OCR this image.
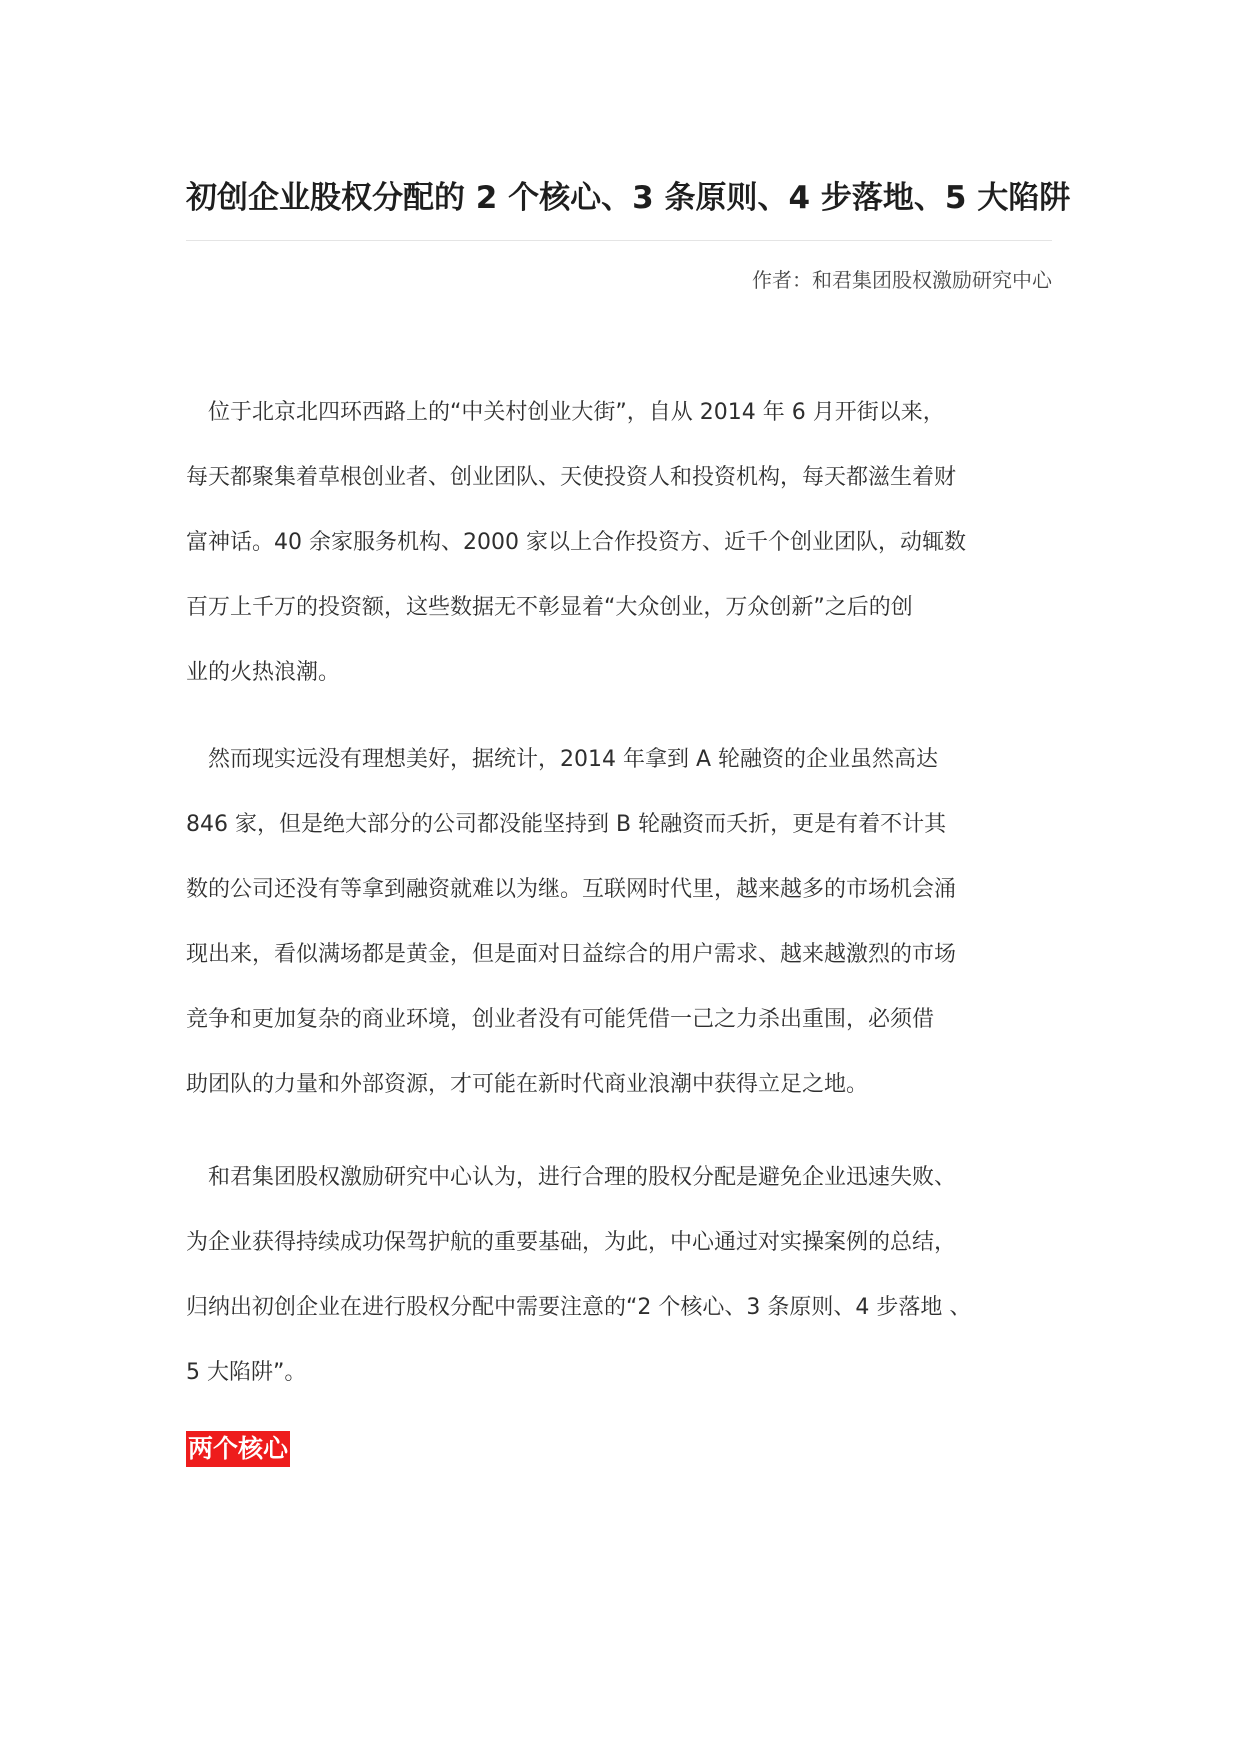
初创企业股权分配的 2 个核心、3 条原则、4 步落地、5 大陷阱
作者：和君集团股权激励研究中心

　位于北京北四环西路上的“中关村创业大街”，自从 2014 年 6 月开街以来，
每天都聚集着草根创业者、创业团队、天使投资人和投资机构，每天都滋生着财
富神话。40 余家服务机构、2000 家以上合作投资方、近千个创业团队，动辄数
百万上千万的投资额，这些数据无不彰显着“大众创业，万众创新”之后的创
业的火热浪潮。

　然而现实远没有理想美好，据统计，2014 年拿到 A 轮融资的企业虽然高达
846 家，但是绝大部分的公司都没能坚持到 B 轮融资而夭折，更是有着不计其
数的公司还没有等拿到融资就难以为继。互联网时代里，越来越多的市场机会涌
现出来，看似满场都是黄金，但是面对日益综合的用户需求、越来越激烈的市场
竞争和更加复杂的商业环境，创业者没有可能凭借一己之力杀出重围，必须借
助团队的力量和外部资源，才可能在新时代商业浪潮中获得立足之地。

　和君集团股权激励研究中心认为，进行合理的股权分配是避免企业迅速失败、
为企业获得持续成功保驾护航的重要基础，为此，中心通过对实操案例的总结，
归纳出初创企业在进行股权分配中需要注意的“2 个核心、3 条原则、4 步落地 、
5 大陷阱”。

两个核心
